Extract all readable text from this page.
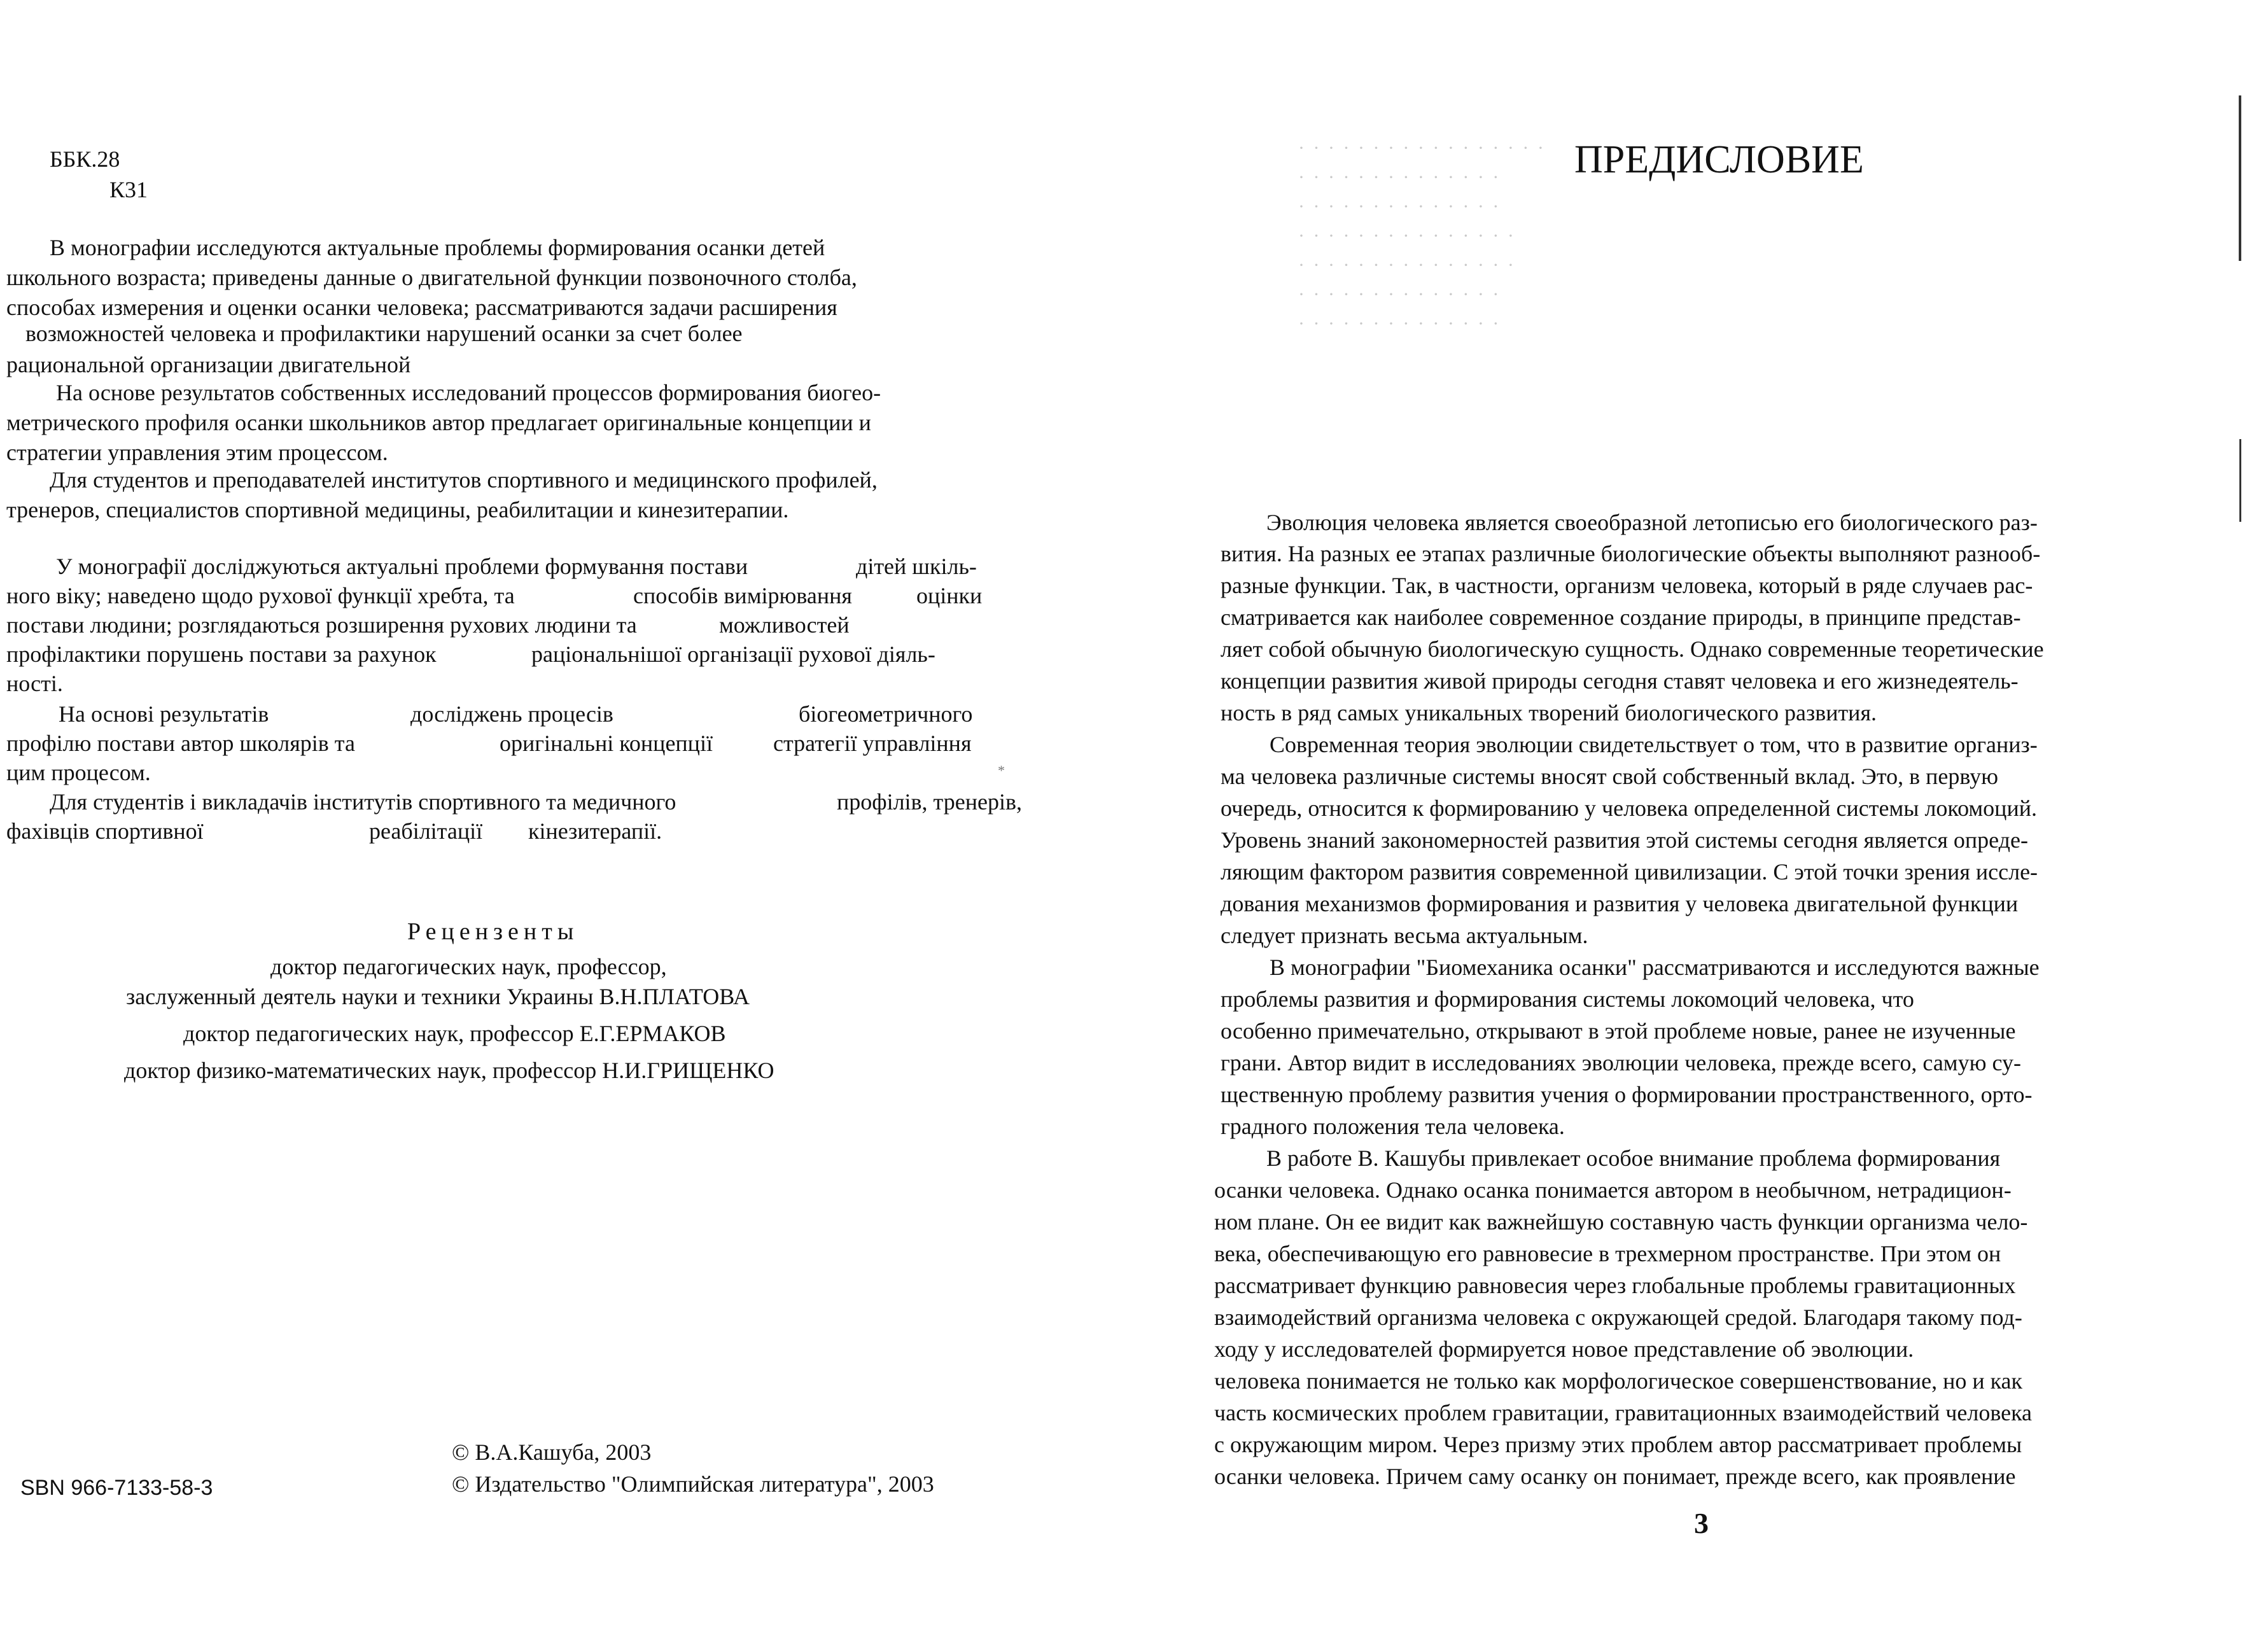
ББК.28
К31
В монографии исследуются актуальные проблемы формирования осанки детей
школьного возраста; приведены данные о двигательной функции позвоночного столба,
способах измерения и оценки осанки человека; рассматриваются задачи расширения
возможностей человека и профилактики нарушений осанки за счет более
рациональной организации двигательной
На основе результатов собственных исследований процессов формирования биогео-
метрического профиля осанки школьников автор предлагает оригинальные концепции и
стратегии управления этим процессом.
Для студентов и преподавателей институтов спортивного и медицинского профилей,
тренеров, специалистов спортивной медицины, реабилитации и кинезитерапии.
У монографії досліджуються актуальні проблеми формування постави	дітей шкіль-
ного віку; наведено щодо рухової функції хребта, та	способів вимірювання	оцінки
постави людини; розглядаються розширення рухових людини та	можливостей
профілактики порушень постави за рахунок	раціональнішої організації рухової діяль-
ності.
На основі результатів	досліджень процесів	біогеометричного
профілю постави автор школярів та	оригінальні концепції	стратегії управління
цим процесом.
Для студентів і викладачів інститутів спортивного та медичного	профілів, тренерів,
фахівців спортивної	реабілітації кінезитерапії.
Рецензенты
доктор педагогических наук, профессор,
заслуженный деятель науки и техники Украины В.Н.ПЛАТОВА
доктор педагогических наук, профессор Е.Г.ЕРМАКОВ
доктор физико-математических наук, профессор Н.И.ГРИЩЕНКО
© В.А.Кашуба, 2003
© Издательство "Олимпийская литература", 2003
SBN 966-7133-58-3
*
ПРЕДИСЛОВИЕ
· · · · · · · · · · · · · · · · ·
· · · · · · · · · · · · · ·
· · · · · · · · · · · · · ·
· · · · · · · · · · · · · · ·
· · · · · · · · · · · · · · ·
· · · · · · · · · · · · · ·
· · · · · · · · · · · · · ·
Эволюция человека является своеобразной летописью его биологического раз-
вития. На разных ее этапах различные биологические объекты выполняют разнооб-
разные функции. Так, в частности, организм человека, который в ряде случаев рас-
сматривается как наиболее современное создание природы, в принципе представ-
ляет собой обычную биологическую сущность. Однако современные теоретические
концепции развития живой природы сегодня ставят человека и его жизнедеятель-
ность в ряд самых уникальных творений биологического развития.
Современная теория эволюции свидетельствует о том, что в развитие организ-
ма человека различные системы вносят свой собственный вклад. Это, в первую
очередь, относится к формированию у человека определенной системы локомоций.
Уровень знаний закономерностей развития этой системы сегодня является опреде-
ляющим фактором развития современной цивилизации. С этой точки зрения иссле-
дования механизмов формирования и развития у человека двигательной функции
следует признать весьма актуальным.
В монографии "Биомеханика осанки" рассматриваются и исследуются важные
проблемы развития и формирования системы локомоций человека, что
особенно примечательно, открывают в этой проблеме новые, ранее не изученные
грани. Автор видит в исследованиях эволюции человека, прежде всего, самую су-
щественную проблему развития учения о формировании пространственного, орто-
градного положения тела человека.
В работе В. Кашубы привлекает особое внимание проблема формирования
осанки человека. Однако осанка понимается автором в необычном, нетрадицион-
ном плане. Он ее видит как важнейшую составную часть функции организма чело-
века, обеспечивающую его равновесие в трехмерном пространстве. При этом он
рассматривает функцию равновесия через глобальные проблемы гравитационных
взаимодействий организма человека с окружающей средой. Благодаря такому под-
ходу у исследователей формируется новое представление об эволюции.
человека понимается не только как морфологическое совершенствование, но и как
часть космических проблем гравитации, гравитационных взаимодействий человека
с окружающим миром. Через призму этих проблем автор рассматривает проблемы
осанки человека. Причем саму осанку он понимает, прежде всего, как проявление
3
